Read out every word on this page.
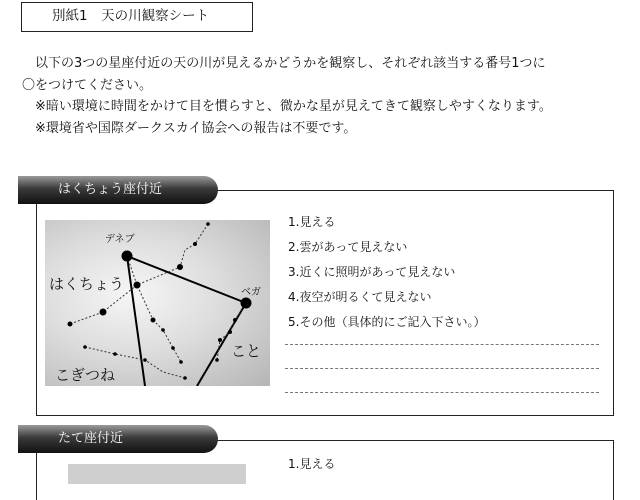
別紙1　天の川観察シート

　以下の3つの星座付近の天の川が見えるかどうかを観察し、それぞれ該当する番号1つに

〇をつけてください。

　※暗い環境に時間をかけて目を慣らすと、微かな星が見えてきて観察しやすくなります。

　※環境省や国際ダークスカイ協会への報告は不要です。

はくちょう座付近
デネブ
ベガ
はくちょう
こと
こぎつね
1.見える
2.雲があって見えない
3.近くに照明があって見えない
4.夜空が明るくて見えない
5.その他（具体的にご記入下さい。）
たて座付近
1.見える
